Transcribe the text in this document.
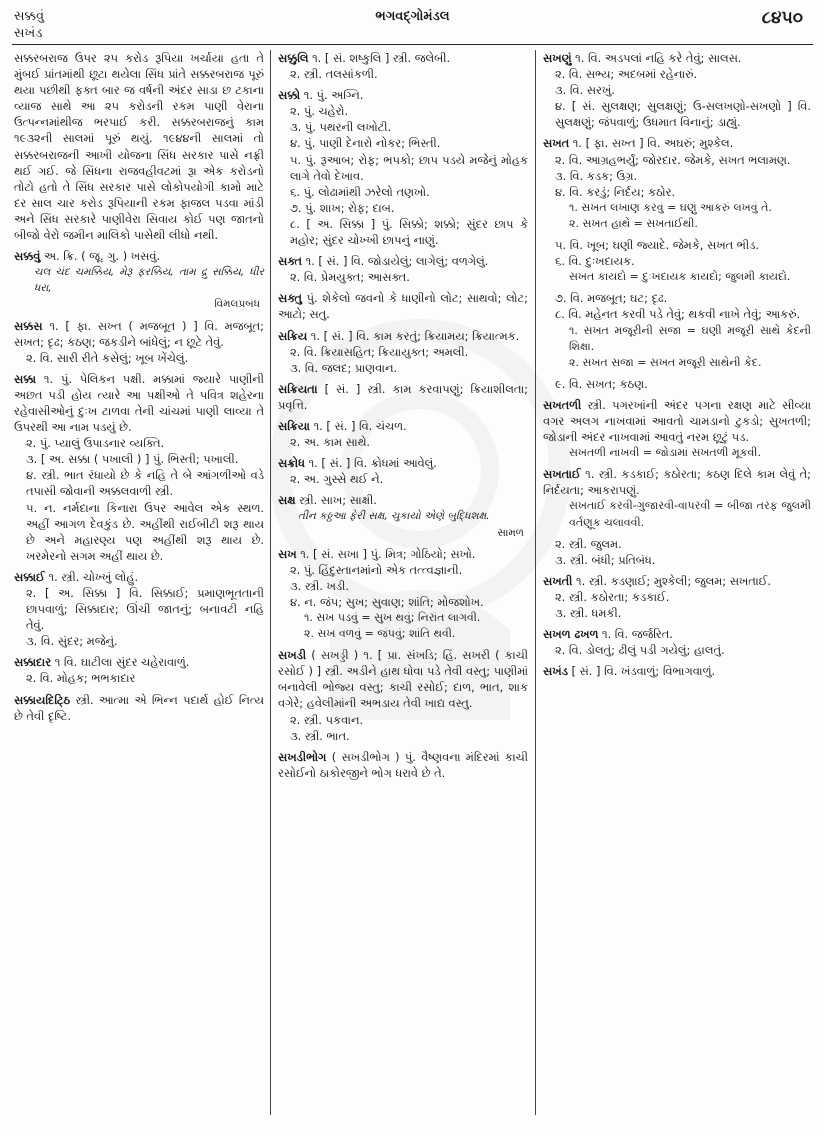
સક્કવું
સખંડ
ભગવદ્ગોમંડલ	૮૪૫૦
સક્કરબરાજ ઉપર ૨૫ કરોડ રૂપિયા ખર્ચાયા હતા તે મુંબઈ પ્રાંતમાંથી છૂટા થયેલા સિંધ પ્રાંતે સક્કરબરાજ પૂરું થયા પછીથી ફક્ત બાર જ વર્ષની અંદર સાડા છ ટકાના વ્યાજ સાથે આ ૨૫ કરોડની રકમ પાણી વેરાના ઉત્પન્નમાંથીજ ભરપાઈ કરી. સક્કરબરાજનું કામ ૧૯૩૨ની સાલમાં પૂરું થયું. ૧૯૪૪ની સાલમાં તો સક્કરબરાજની આખી યોજના સિંધ સરકાર પાસે નફ્રી થઈ ગઈ. જે સિંધના રાજવહીવટમાં રૂા એક કરોડનો તોટો હતો તે સિંધ સરકાર પાસે લોકોપયોગી કામો માટે દર સાલ ચાર કરોડ રૂપિયાની રકમ ફાજલ પડવા માંડી અને સિંધ સરકારે પાણીવેરા સિવાય કોઈ પણ જાતનો બીજો વેરો જમીન માલિકો પાસેથી લીધો નથી.
સક્કવું અ. ક્રિ. ( જૂ. ગુ. ) ખસવું.
ચલ ચંદ ચમક્કિય, મેરૂ ફરક્કિય, તામ દ્રુ સક્કિય, ધીર ધરા,
વિમલપ્રબંધ
સક્કસ ૧. [ ફા. સખ્ત ( મજબૂત ) ] વિ. મજબૂત; સખત; દૃઢ; કઠણ; જકડીને બાંધેલું; ન છૂટે તેવું.
૨. વિ. સારી રીતે કસેલું; ખૂબ ખેંચેલું.
સક્કા ૧. પું. પેલિકન પક્ષી. મક્કામાં જ્યારે પાણીની અછત પડી હોય ત્યારે આ પક્ષીઓ તે પવિત્ર શહેરના રહેવાસીઓનું દુઃખ ટાળવા તેની ચાંચમાં પાણી લાવ્યા તે ઉપરથી આ નામ પડયું છે.
૨. પું. પ્યાલું ઉપાડનાર વ્યક્તિ.
૩. [ અ. સક્કા ( પખાલી ) ] પું. ભિસ્તી; પખાલી.
૪. સ્ત્રી. ભાત રંધાયો છે કે નહિ તે બે આંગળીઓ વડે તપાસી જોવાની અક્કલવાળી સ્ત્રી.
૫. ન. નર્મદાના કિનારા ઉપર આવેલ એક સ્થળ. અહીં આગળ દેવકુંડ છે. અહીંથી રાઈબીટી શરૂ થાય છે અને મહારણ્ય પણ અહીંથી શરૂ થાય છે. ખરમેરનો સગમ અહીં થાય છે.
સક્કાઈ ૧. સ્ત્રી. ચોખ્ખું લોહું.
૨. [ અ. સિક્કા ] વિ. સિક્કાઈ; પ્રમાણભૂતતાની છાપવાળું; સિક્કાદાર; ઊંચી જાતનું; બનાવટી નહિ તેવું.
૩. વિ. સુંદર; મજેનું.
સક્કાદાર ૧ વિ. ઘાટીલા સુંદર ચહેરાવાળું.
૨. વિ. મોહક; ભભકાદાર
સક્કાયદિટ્ઠિ સ્ત્રી. આત્મા એ ભિન્ન પદાર્થ હોઈ નિત્ય છે તેવી દૃષ્ટિ.
સક્કુલિ ૧. [ સં. શષ્કુલિ ] સ્ત્રી. જલેબી.
૨. સ્ત્રી. તલસાંકળી.
સક્કો ૧. પું. અગ્નિ.
૨. પું. ચહેરો.
૩. પું. પથરની લખોટી.
૪. પું. પાણી દેનારો નોકર; ભિસ્તી.
૫. પું. રૂઆબ; રોફ; ભપકો; છાપ પડયે મજેનું મોહક લાગે તેવો દેખાવ.
૬. પું. લોઢામાંથી ઝરેલો તણખો.
૭. પું. શાખ; રોફ; દાબ.
૮. [ અ. સિક્કા ] પું. સિક્કો; શક્કો; સુંદર છાપ કે મહોર; સુંદર ચોખ્ખી છાપનું નાણું.
સક્ત ૧. [ સં. ] વિ. જોડાયેલું; લાગેલું; વળગેલું.
૨. વિ. પ્રેમયુક્ત; આસક્ત.
સક્તુ પું. શેકેલો જવનો કે ધાણીનો લોટ; સાથવો; લોટ; આટો; સતુ.
સક્રિય ૧. [ સં. ] વિ. કામ કરતું; ક્રિયામય; ક્રિયાત્મક.
૨. વિ. ક્રિયાસહિત; ક્રિયાયુક્ત; અમલી.
૩. વિ. જલદ; પ્રાણવાન.
સક્રિયતા [ સં. ] સ્ત્રી. કામ કરવાપણું; ક્રિયાશીલતા; પ્રવૃત્તિ.
સક્રિયા ૧. [ સં. ] વિ. ચંચળ.
૨. અ. કામ સાથે.
સક્રોધ ૧. [ સં. ] વિ. ક્રોધમાં આવેલું.
૨. અ. ગુસ્સે થઈ ને.
સક્ષ સ્ત્રી. સાખ; સાક્ષી.
તીન કઠ્ઠઆ ફેરી સક્ષ, ચુકાયો એણે બુદ્ધિશક્ષ.
સામળ
સખ ૧. [ સં. સખા ] પું. મિત્ર; ગોઠિયો; સખો.
૨. પું. હિંદુસ્તાનમાંનો એક તત્ત્વજ્ઞાની.
૩. સ્ત્રી. ખડી.
૪. ન. જંપ; સુખ; સુવાણ; શાંતિ; મોજશોખ.
૧. સખ પડવું = સુખ થવું; નિરાંત લાગવી.
૨. સખ વળવું = જંપવું; શાંતિ થવી.
સખડી ( સખડ્ડી ) ૧. [ પ્રા. સંખડિ; હિં. સખરી ( કાચી રસોઈ ) ] સ્ત્રી. અડીને હાથ ધોવા પડે તેવી વસ્તુ; પાણીમાં બનાવેલી ભોજ્ય વસ્તુ; કાચી રસોઈ; દાળ, ભાત, શાક વગેરે; હવેલીમાંની અભડાય તેવી ખાદ્ય વસ્તુ.
૨. સ્ત્રી. પકવાન.
૩. સ્ત્રી. ભાત.
સખડીભોગ ( સખડીભોગ ) પું. વૈષ્ણવના મંદિરમાં કાચી રસોઈનો ઠાકોરજીને ભોગ ધરાવે છે તે.
સખણું ૧. વિ. અડપલાં નહિ કરે તેવું; સાલસ.
૨. વિ. સભ્ય; અદબમાં રહેનારું.
૩. વિ. સરખું.
૪. [ સં. સુલક્ષણ; સુલક્ષણું; ઉ-સલખણો-સખણો ] વિ. સુલક્ષણું; જંપવાળું; ઉધમાત વિનાનું; ડાહ્યું.
સખત ૧. [ ફા. સખ્ત ] વિ. અઘરું; મુશ્કેલ.
૨. વિ. આગ્રહભર્યું; જોરદાર. જેમકે, સખત ભલામણ.
૩. વિ. કડક; ઉગ્ર.
૪. વિ. કરડું; નિર્દય; કઠોર.
૧. સખત લખાણ કરવું = ઘણું આકરું લખવું તે.
૨. સખત હાથે = સખતાઈથી.
૫. વિ. ખૂબ; ઘણી જ્યાદે. જેમકે, સખત ભીડ.
૬. વિ. દુઃખદાયક.
સખત કાયદો = દુઃખદાયક કાયદો; જુલમી કાયદો.
૭. વિ. મજબૂત; ઘટ; દૃઢ.
૮. વિ. મહેનત કરવી પડે તેવું; થકવી નાખે તેવું; આકરું.
૧. સખત મજૂરીની સજા = ઘણી મજૂરી સાથે કેદની શિક્ષા.
૨. સખત સજા = સખત મજૂરી સાથેની કેદ.
૯. વિ. સખત; કઠણ.
સખતળી સ્ત્રી. પગરખાંની અંદર પગના રક્ષણ માટે સીવ્યા વગર અલગ નાખવામાં આવતો ચામડાનો ટુકડો; સુખતળી; જોડાની અંદર નાખવામાં આવતું નરમ છૂટું પડ.
સખતળી નાખવી = જોડામાં સખતળી મૂકવી.
સખતાઈ ૧. સ્ત્રી. કડકાઈ; કઠોરતા; કઠણ દિલે કામ લેવું તે; નિર્દયતા; આકરાપણું.
સખતાઈ કરવી-ગુજારવી-વાપરવી = બીજા તરફ જુલમી વર્તણૂક ચલાવવી.
૨. સ્ત્રી. જુલમ.
૩. સ્ત્રી. બંધી; પ્રતિબંધ.
સખતી ૧. સ્ત્રી. કડણાઈ; મુશ્કેલી; જુલમ; સખતાઈ.
૨. સ્ત્રી. કઠોરતા; કડકાઈ.
૩. સ્ત્રી. ધમકી.
સખળ ઢખળ ૧. વિ. જર્જરિત.
૨. વિ. ડોલતું; ઢીલું પડી ગયેલું; હાલતું.
સખંડ [ સં. ] વિ. ખંડવાળું; વિભાગવાળું.
